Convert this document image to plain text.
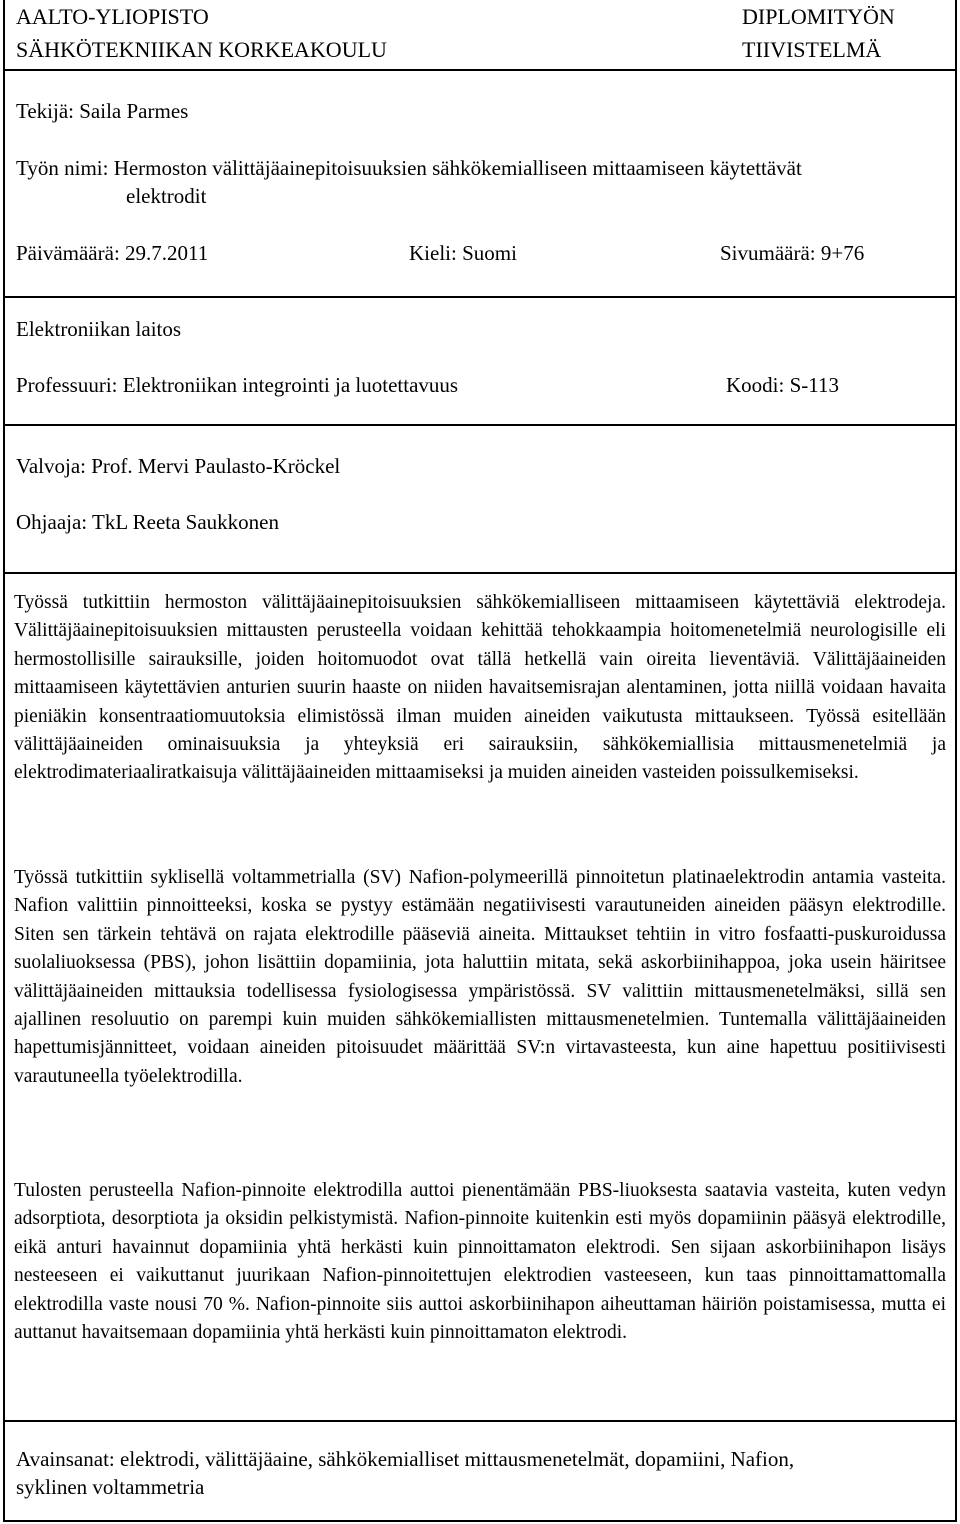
AALTO-YLIOPISTO
SÄHKÖTEKNIIKAN KORKEAKOULU
DIPLOMITYÖN
TIIVISTELMÄ
Tekijä: Saila Parmes
Työn nimi: Hermoston välittäjäainepitoisuuksien sähkökemialliseen mittaamiseen käytettävät
elektrodit
Päivämäärä: 29.7.2011	Kieli: Suomi	Sivumäärä: 9+76
Elektroniikan laitos
Professuuri: Elektroniikan integrointi ja luotettavuus	Koodi: S-113
Valvoja: Prof. Mervi Paulasto-Kröckel
Ohjaaja: TkL Reeta Saukkonen
Työssä tutkittiin hermoston välittäjäainepitoisuuksien sähkökemialliseen mittaamiseen käytettäviä elektrodeja. Välittäjäainepitoisuuksien mittausten perusteella voidaan kehittää tehokkaampia hoitomenetelmiä neurologisille eli hermostollisille sairauksille, joiden hoitomuodot ovat tällä hetkellä vain oireita lieventäviä. Välittäjäaineiden mittaamiseen käytettävien anturien suurin haaste on niiden havaitsemisrajan alentaminen, jotta niillä voidaan havaita pieniäkin konsentraatiomuutoksia elimistössä ilman muiden aineiden vaikutusta mittaukseen. Työssä esitellään välittäjäaineiden ominaisuuksia ja yhteyksiä eri sairauksiin, sähkökemiallisia mittausmenetelmiä ja elektrodimateriaaliratkaisuja välittäjäaineiden mittaamiseksi ja muiden aineiden vasteiden poissulkemiseksi.
Työssä tutkittiin syklisellä voltammetrialla (SV) Nafion-polymeerillä pinnoitetun platinaelektrodin antamia vasteita. Nafion valittiin pinnoitteeksi, koska se pystyy estämään negatiivisesti varautuneiden aineiden pääsyn elektrodille. Siten sen tärkein tehtävä on rajata elektrodille pääseviä aineita. Mittaukset tehtiin in vitro fosfaatti-puskuroidussa suolaliuoksessa (PBS), johon lisättiin dopamiinia, jota haluttiin mitata, sekä askorbiinihappoa, joka usein häiritsee välittäjäaineiden mittauksia todellisessa fysiologisessa ympäristössä. SV valittiin mittausmenetelmäksi, sillä sen ajallinen resoluutio on parempi kuin muiden sähkökemiallisten mittausmenetelmien. Tuntemalla välittäjäaineiden hapettumisjännitteet, voidaan aineiden pitoisuudet määrittää SV:n virtavasteesta, kun aine hapettuu positiivisesti varautuneella työelektrodilla.
Tulosten perusteella Nafion-pinnoite elektrodilla auttoi pienentämään PBS-liuoksesta saatavia vasteita, kuten vedyn adsorptiota, desorptiota ja oksidin pelkistymistä. Nafion-pinnoite kuitenkin esti myös dopamiinin pääsyä elektrodille, eikä anturi havainnut dopamiinia yhtä herkästi kuin pinnoittamaton elektrodi. Sen sijaan askorbiinihapon lisäys nesteeseen ei vaikuttanut juurikaan Nafion-pinnoitettujen elektrodien vasteeseen, kun taas pinnoittamattomalla elektrodilla vaste nousi 70 %. Nafion-pinnoite siis auttoi askorbiinihapon aiheuttaman häiriön poistamisessa, mutta ei auttanut havaitsemaan dopamiinia yhtä herkästi kuin pinnoittamaton elektrodi.
Avainsanat: elektrodi, välittäjäaine, sähkökemialliset mittausmenetelmät, dopamiini, Nafion,
syklinen voltammetria
